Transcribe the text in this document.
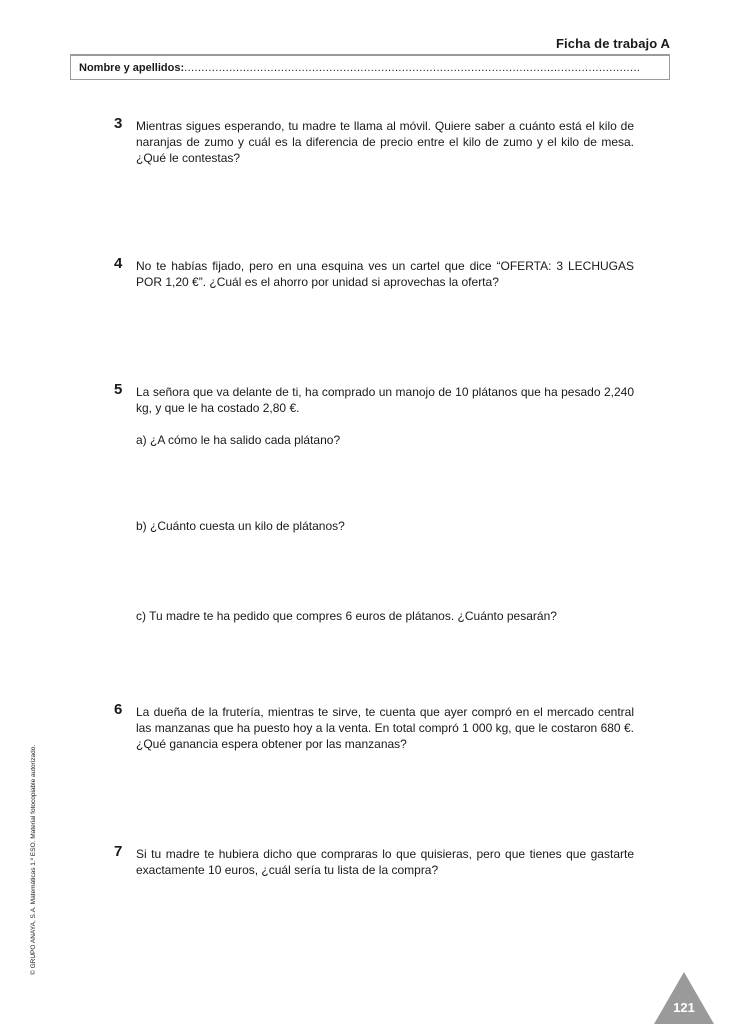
Ficha de trabajo A
Nombre y apellidos:....................................................................................................................................
3 Mientras sigues esperando, tu madre te llama al móvil. Quiere saber a cuánto está el kilo de naranjas de zumo y cuál es la diferencia de precio entre el kilo de zumo y el kilo de mesa. ¿Qué le contestas?
4 No te habías fijado, pero en una esquina ves un cartel que dice “OFERTA: 3 LECHUGAS POR 1,20 €”. ¿Cuál es el ahorro por unidad si aprovechas la oferta?
5 La señora que va delante de ti, ha comprado un manojo de 10 plátanos que ha pesado 2,240 kg, y que le ha costado 2,80 €.
a) ¿A cómo le ha salido cada plátano?
b) ¿Cuánto cuesta un kilo de plátanos?
c) Tu madre te ha pedido que compres 6 euros de plátanos. ¿Cuánto pesarán?
6 La dueña de la frutería, mientras te sirve, te cuenta que ayer compró en el mercado central las manzanas que ha puesto hoy a la venta. En total compró 1 000 kg, que le costaron 680 €. ¿Qué ganancia espera obtener por las manzanas?
7 Si tu madre te hubiera dicho que compraras lo que quisieras, pero que tienes que gastarte exactamente 10 euros, ¿cuál sería tu lista de la compra?
© GRUPO ANAYA, S.A. Matemáticas 1.º ESO. Material fotocopiable autorizado.
121
